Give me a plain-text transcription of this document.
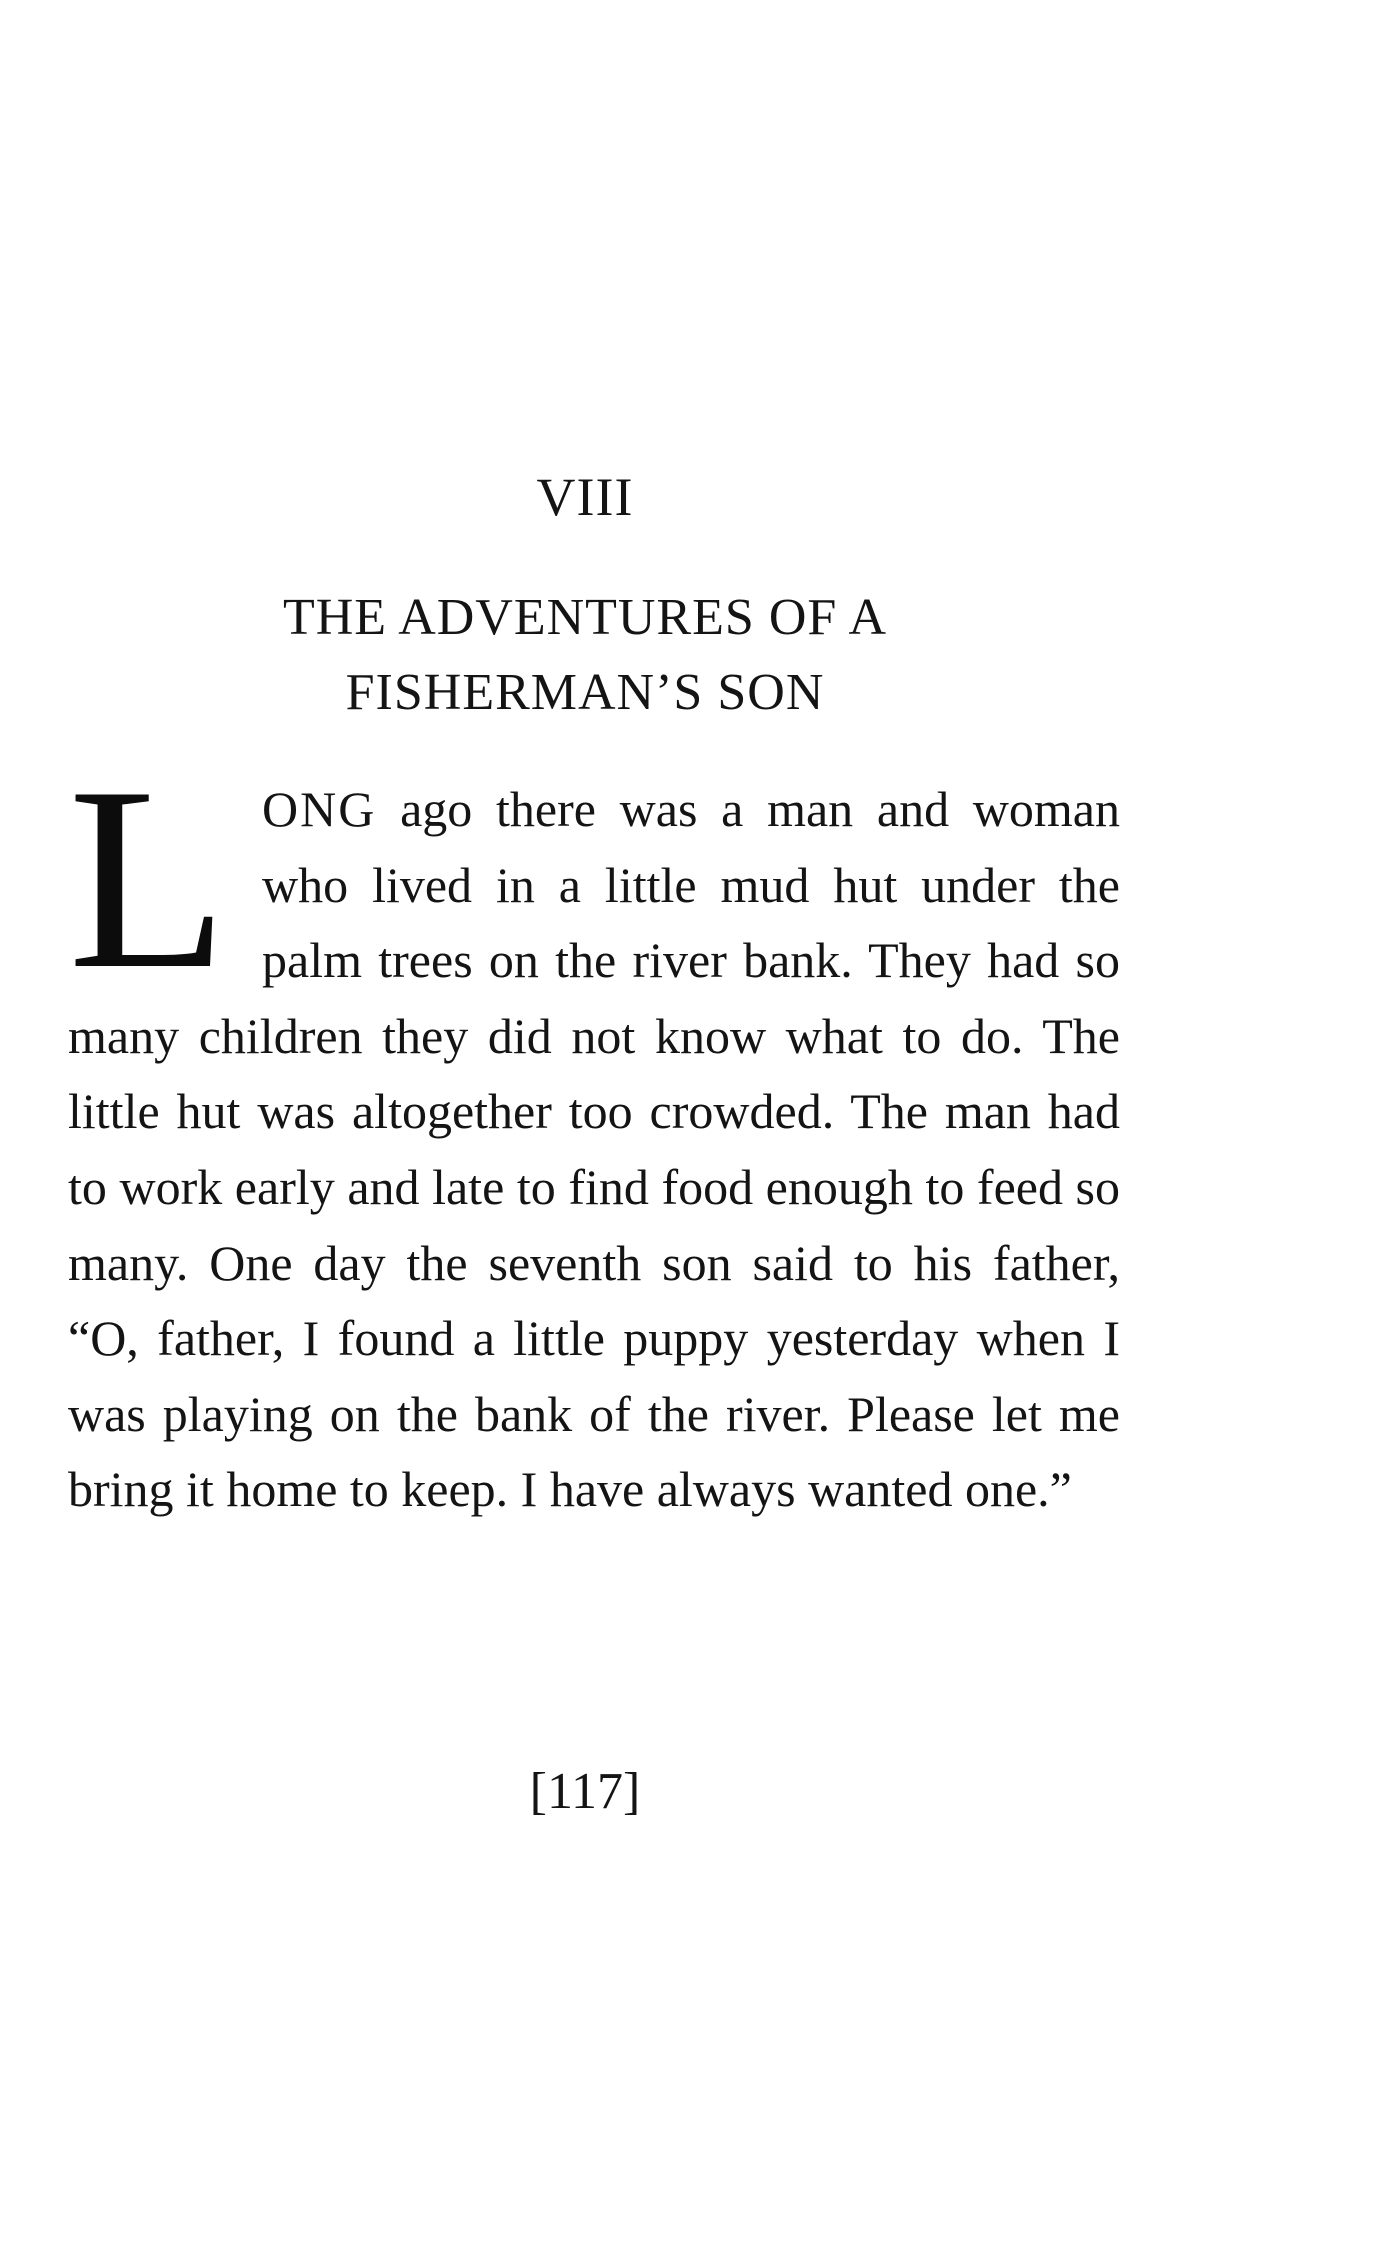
VIII
THE ADVENTURES OF A
FISHERMAN’S SON

LONG ago there was a man and woman who lived in a little mud hut under the palm trees on the river bank. They had so many children they did not know what to do. The little hut was altogether too crowded. The man had to work early and late to find food enough to feed so many. One day the seventh son said to his father, “O, father, I found a little puppy yesterday when I was playing on the bank of the river. Please let me bring it home to keep. I have always wanted one.”

[117]
